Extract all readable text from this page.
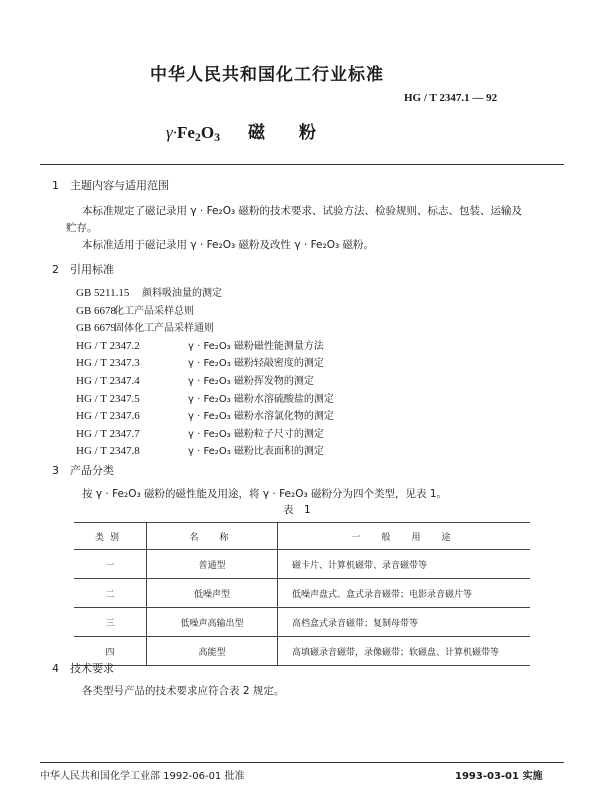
中华人民共和国化工行业标准
HG / T 2347.1 — 92
$\gamma\cdot Fe_2O_3$ 磁　　粉
1　主题内容与适用范围
本标准规定了磁记录用 γ · Fe₂O₃ 磁粉的技术要求、试验方法、检验规则、标志、包装、运输及
贮存。
本标准适用于磁记录用 γ · Fe₂O₃ 磁粉及改性 γ · Fe₂O₃ 磁粉。
2　引用标准
GB 5211.15 颜料吸油量的测定
GB 6678化工产品采样总则
GB 6679固体化工产品采样通则
HG / T 2347.2	γ · Fe₂O₃ 磁粉磁性能测量方法
HG / T 2347.3	γ · Fe₂O₃ 磁粉轻敲密度的测定
HG / T 2347.4	γ · Fe₂O₃ 磁粉挥发物的测定
HG / T 2347.5	γ · Fe₂O₃ 磁粉水溶硫酸盐的测定
HG / T 2347.6	γ · Fe₂O₃ 磁粉水溶氯化物的测定
HG / T 2347.7	γ · Fe₂O₃ 磁粉粒子尺寸的测定
HG / T 2347.8	γ · Fe₂O₃ 磁粉比表面积的测定
3　产品分类
按 γ · Fe₂O₃ 磁粉的磁性能及用途，将 γ · Fe₂O₃ 磁粉分为四个类型，见表 1。
表　1
类别	名　称	一　般　用　途
一	普通型	磁卡片、计算机磁带、录音磁带等
二	低噪声型	低噪声盘式、盒式录音磁带；电影录音磁片等
三	低噪声高输出型	高档盒式录音磁带；复制母带等
四	高能型	高填磁录音磁带，录像磁带；软磁盘、计算机磁带等
4　技术要求
各类型号产品的技术要求应符合表 2 规定。
中华人民共和国化学工业部 1992-06-01 批准	1993-03-01 实施
